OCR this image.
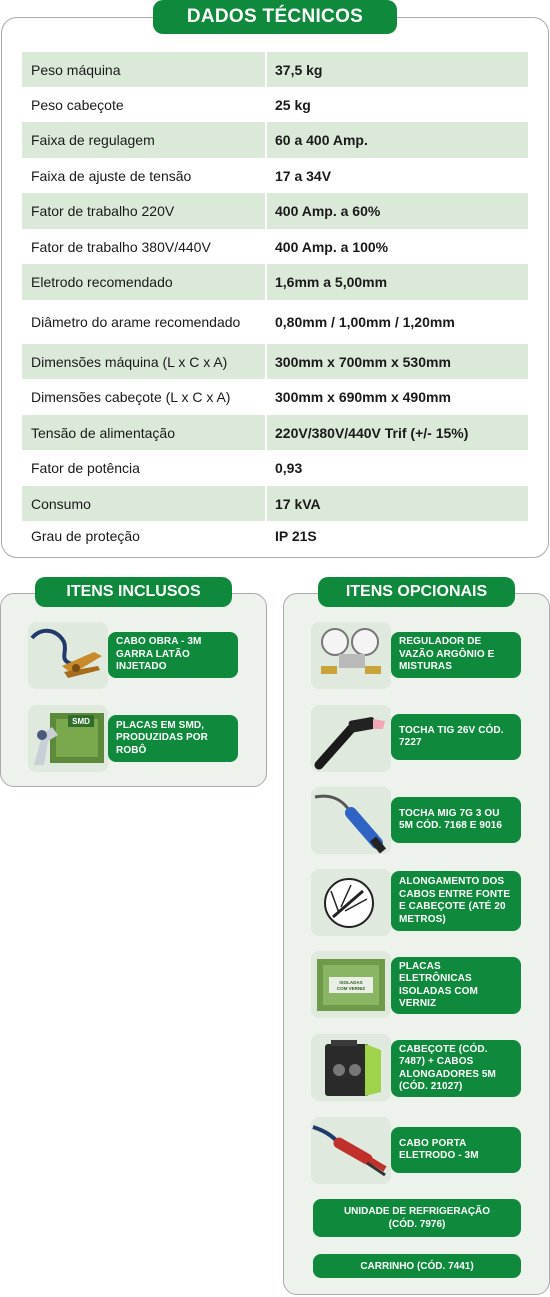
DADOS TÉCNICOS
Peso máquina	37,5 kg
Peso cabeçote	25 kg
Faixa de regulagem	60 a 400 Amp.
Faixa de ajuste de tensão	17 a 34V
Fator de trabalho 220V	400 Amp. a 60%
Fator de trabalho 380V/440V	400 Amp. a 100%
Eletrodo recomendado	1,6mm a 5,00mm
Diâmetro do arame recomendado	0,80mm / 1,00mm / 1,20mm
Dimensões máquina (L x C x A)	300mm x 700mm x 530mm
Dimensões cabeçote (L x C x A)	300mm x 690mm x 490mm
Tensão de alimentação	220V/380V/440V Trif (+/- 15%)
Fator de potência	0,93
Consumo	17 kVA
Grau de proteção	IP 21S
ITENS INCLUSOS
CABO OBRA - 3M GARRA LATÃO INJETADO
SMD	PLACAS EM SMD, PRODUZIDAS POR ROBÔ
ITENS OPCIONAIS
REGULADOR DE VAZÃO ARGÔNIO E MISTURAS
TOCHA TIG 26V CÓD. 7227
TOCHA MIG 7G 3 OU 5M CÓD. 7168 E 9016
ALONGAMENTO DOS CABOS ENTRE FONTE E CABEÇOTE (ATÉ 20 METROS)
ISOLADAS
COM VERNIZ
PLACAS ELETRÔNICAS ISOLADAS COM VERNIZ
CABEÇOTE (CÓD. 7487) + CABOS ALONGADORES 5M (CÓD. 21027)
CABO PORTA ELETRODO - 3M
UNIDADE DE REFRIGERAÇÃO (CÓD. 7976)
CARRINHO (CÓD. 7441)
